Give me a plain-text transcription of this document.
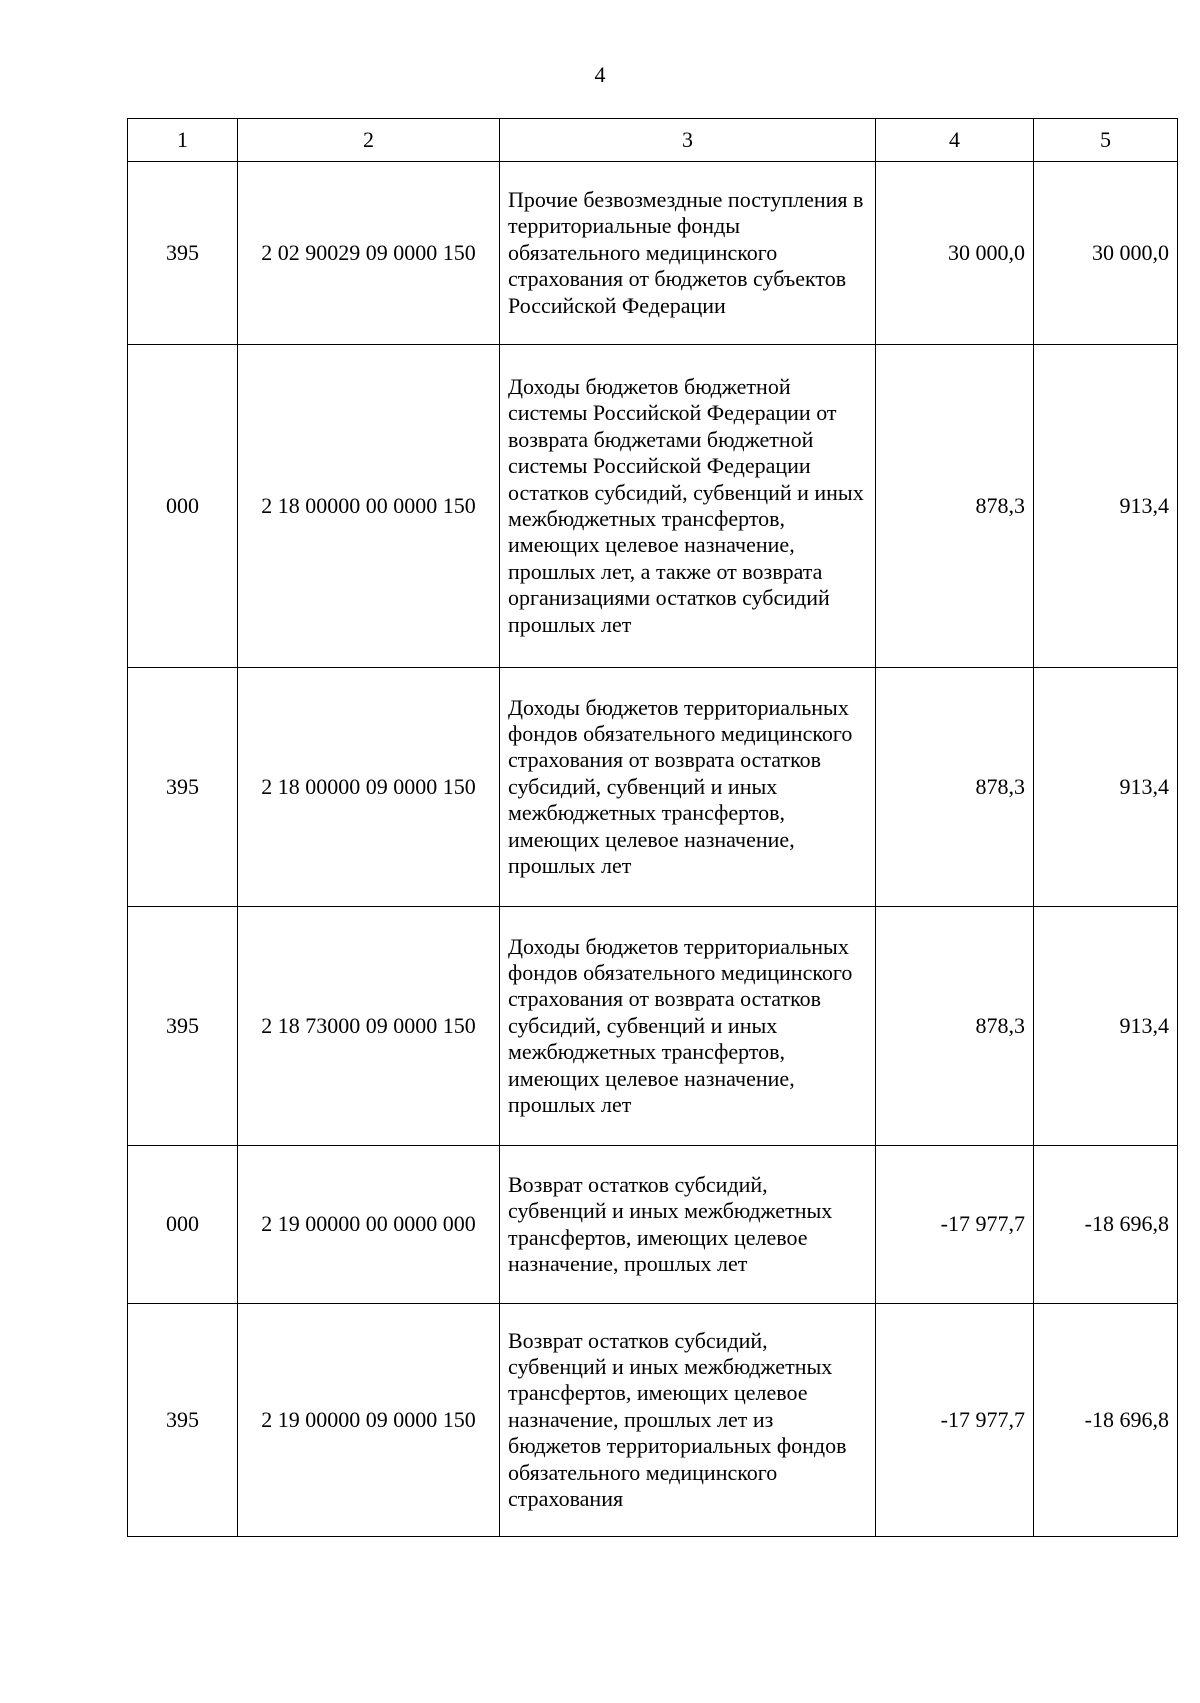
4
1	2	3	4	5
395	2 02 90029 09 0000 150	Прочие безвозмездные поступления в территориальные фонды обязательного медицинского страхования от бюджетов субъектов Российской Федерации	30 000,0	30 000,0
000	2 18 00000 00 0000 150	Доходы бюджетов бюджетной системы Российской Федерации от возврата бюджетами бюджетной системы Российской Федерации остатков субсидий, субвенций и иных межбюджетных трансфертов, имеющих целевое назначение, прошлых лет, а также от возврата организациями остатков субсидий прошлых лет	878,3	913,4
395	2 18 00000 09 0000 150	Доходы бюджетов территориальных фондов обязательного медицинского страхования от возврата остатков субсидий, субвенций и иных межбюджетных трансфертов, имеющих целевое назначение, прошлых лет	878,3	913,4
395	2 18 73000 09 0000 150	Доходы бюджетов территориальных фондов обязательного медицинского страхования от возврата остатков субсидий, субвенций и иных межбюджетных трансфертов, имеющих целевое назначение, прошлых лет	878,3	913,4
000	2 19 00000 00 0000 000	Возврат остатков субсидий, субвенций и иных межбюджетных трансфертов, имеющих целевое назначение, прошлых лет	-17 977,7	-18 696,8
395	2 19 00000 09 0000 150	Возврат остатков субсидий, субвенций и иных межбюджетных трансфертов, имеющих целевое назначение, прошлых лет из бюджетов территориальных фондов обязательного медицинского страхования	-17 977,7	-18 696,8
